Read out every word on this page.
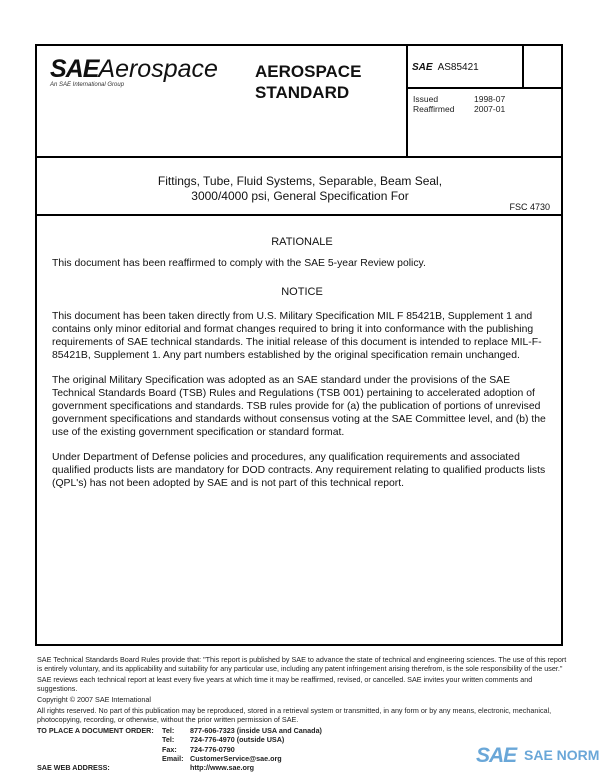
SAEAerospace
An SAE International Group
AEROSPACE
STANDARD
SAE AS85421
Issued	1998-07
Reaffirmed 2007-01
Fittings, Tube, Fluid Systems, Separable, Beam Seal,
3000/4000 psi, General Specification For
FSC 4730
RATIONALE
This document has been reaffirmed to comply with the SAE 5-year Review policy.
NOTICE
This document has been taken directly from U.S. Military Specification MIL F 85421B, Supplement 1 and contains only minor editorial and format changes required to bring it into conformance with the publishing requirements of SAE technical standards. The initial release of this document is intended to replace MIL-F-85421B, Supplement 1. Any part numbers established by the original specification remain unchanged.
The original Military Specification was adopted as an SAE standard under the provisions of the SAE Technical Standards Board (TSB) Rules and Regulations (TSB 001) pertaining to accelerated adoption of government specifications and standards. TSB rules provide for (a) the publication of portions of unrevised government specifications and standards without consensus voting at the SAE Committee level, and (b) the use of the existing government specification or standard format.
Under Department of Defense policies and procedures, any qualification requirements and associated qualified products lists are mandatory for DOD contracts. Any requirement relating to qualified products lists (QPL's) has not been adopted by SAE and is not part of this technical report.
SAE Technical Standards Board Rules provide that: "This report is published by SAE to advance the state of technical and engineering sciences. The use of this report is entirely voluntary, and its applicability and suitability for any particular use, including any patent infringement arising therefrom, is the sole responsibility of the user."
SAE reviews each technical report at least every five years at which time it may be reaffirmed, revised, or cancelled. SAE invites your written comments and suggestions.
Copyright © 2007 SAE International
All rights reserved. No part of this publication may be reproduced, stored in a retrieval system or transmitted, in any form or by any means, electronic, mechanical, photocopying, recording, or otherwise, without the prior written permission of SAE.
TO PLACE A DOCUMENT ORDER:	Tel:	877-606-7323 (inside USA and Canada)
Tel:	724-776-4970 (outside USA)
Fax:	724-776-0790
Email: CustomerService@sae.org
SAE WEB ADDRESS:	http://www.sae.org
SAE SAE NORM
